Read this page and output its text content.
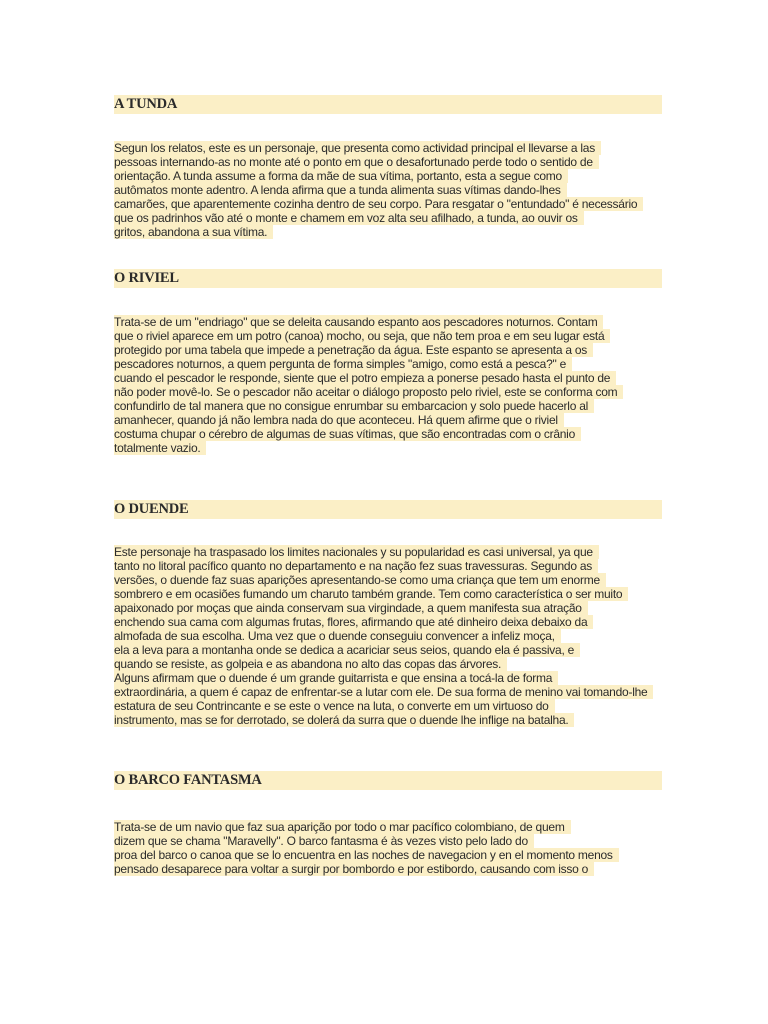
A TUNDA
Segun los relatos, este es un personaje, que presenta como actividad principal el llevarse a las
pessoas internando-as no monte até o ponto em que o desafortunado perde todo o sentido de
orientação. A tunda assume a forma da mãe de sua vítima, portanto, esta a segue como
autômatos monte adentro. A lenda afirma que a tunda alimenta suas vítimas dando-lhes
camarões, que aparentemente cozinha dentro de seu corpo. Para resgatar o "entundado" é necessário
que os padrinhos vão até o monte e chamem em voz alta seu afilhado, a tunda, ao ouvir os
gritos, abandona a sua vítima.
O RIVIEL
Trata-se de um "endriago" que se deleita causando espanto aos pescadores noturnos. Contam
que o riviel aparece em um potro (canoa) mocho, ou seja, que não tem proa e em seu lugar está
protegido por uma tabela que impede a penetração da água. Este espanto se apresenta a os
pescadores noturnos, a quem pergunta de forma simples "amigo, como está a pesca?" e
cuando el pescador le responde, siente que el potro empieza a ponerse pesado hasta el punto de
não poder movê-lo. Se o pescador não aceitar o diálogo proposto pelo riviel, este se conforma com
confundirlo de tal manera que no consigue enrumbar su embarcacion y solo puede hacerlo al
amanhecer, quando já não lembra nada do que aconteceu. Há quem afirme que o riviel
costuma chupar o cérebro de algumas de suas vítimas, que são encontradas com o crânio
totalmente vazio.
O DUENDE
Este personaje ha traspasado los limites nacionales y su popularidad es casi universal, ya que
tanto no litoral pacífico quanto no departamento e na nação fez suas travessuras. Segundo as
versões, o duende faz suas aparições apresentando-se como uma criança que tem um enorme
sombrero e em ocasiões fumando um charuto também grande. Tem como característica o ser muito
apaixonado por moças que ainda conservam sua virgindade, a quem manifesta sua atração
enchendo sua cama com algumas frutas, flores, afirmando que até dinheiro deixa debaixo da
almofada de sua escolha. Uma vez que o duende conseguiu convencer a infeliz moça,
ela a leva para a montanha onde se dedica a acariciar seus seios, quando ela é passiva, e
quando se resiste, as golpeia e as abandona no alto das copas das árvores.
Alguns afirmam que o duende é um grande guitarrista e que ensina a tocá-la de forma
extraordinária, a quem é capaz de enfrentar-se a lutar com ele. De sua forma de menino vai tomando-lhe
estatura de seu Contrincante e se este o vence na luta, o converte em um virtuoso do
instrumento, mas se for derrotado, se dolerá da surra que o duende lhe inflige na batalha.
O BARCO FANTASMA
Trata-se de um navio que faz sua aparição por todo o mar pacífico colombiano, de quem
dizem que se chama "Maravelly". O barco fantasma é às vezes visto pelo lado do
proa del barco o canoa que se lo encuentra en las noches de navegacion y en el momento menos
pensado desaparece para voltar a surgir por bombordo e por estibordo, causando com isso o
